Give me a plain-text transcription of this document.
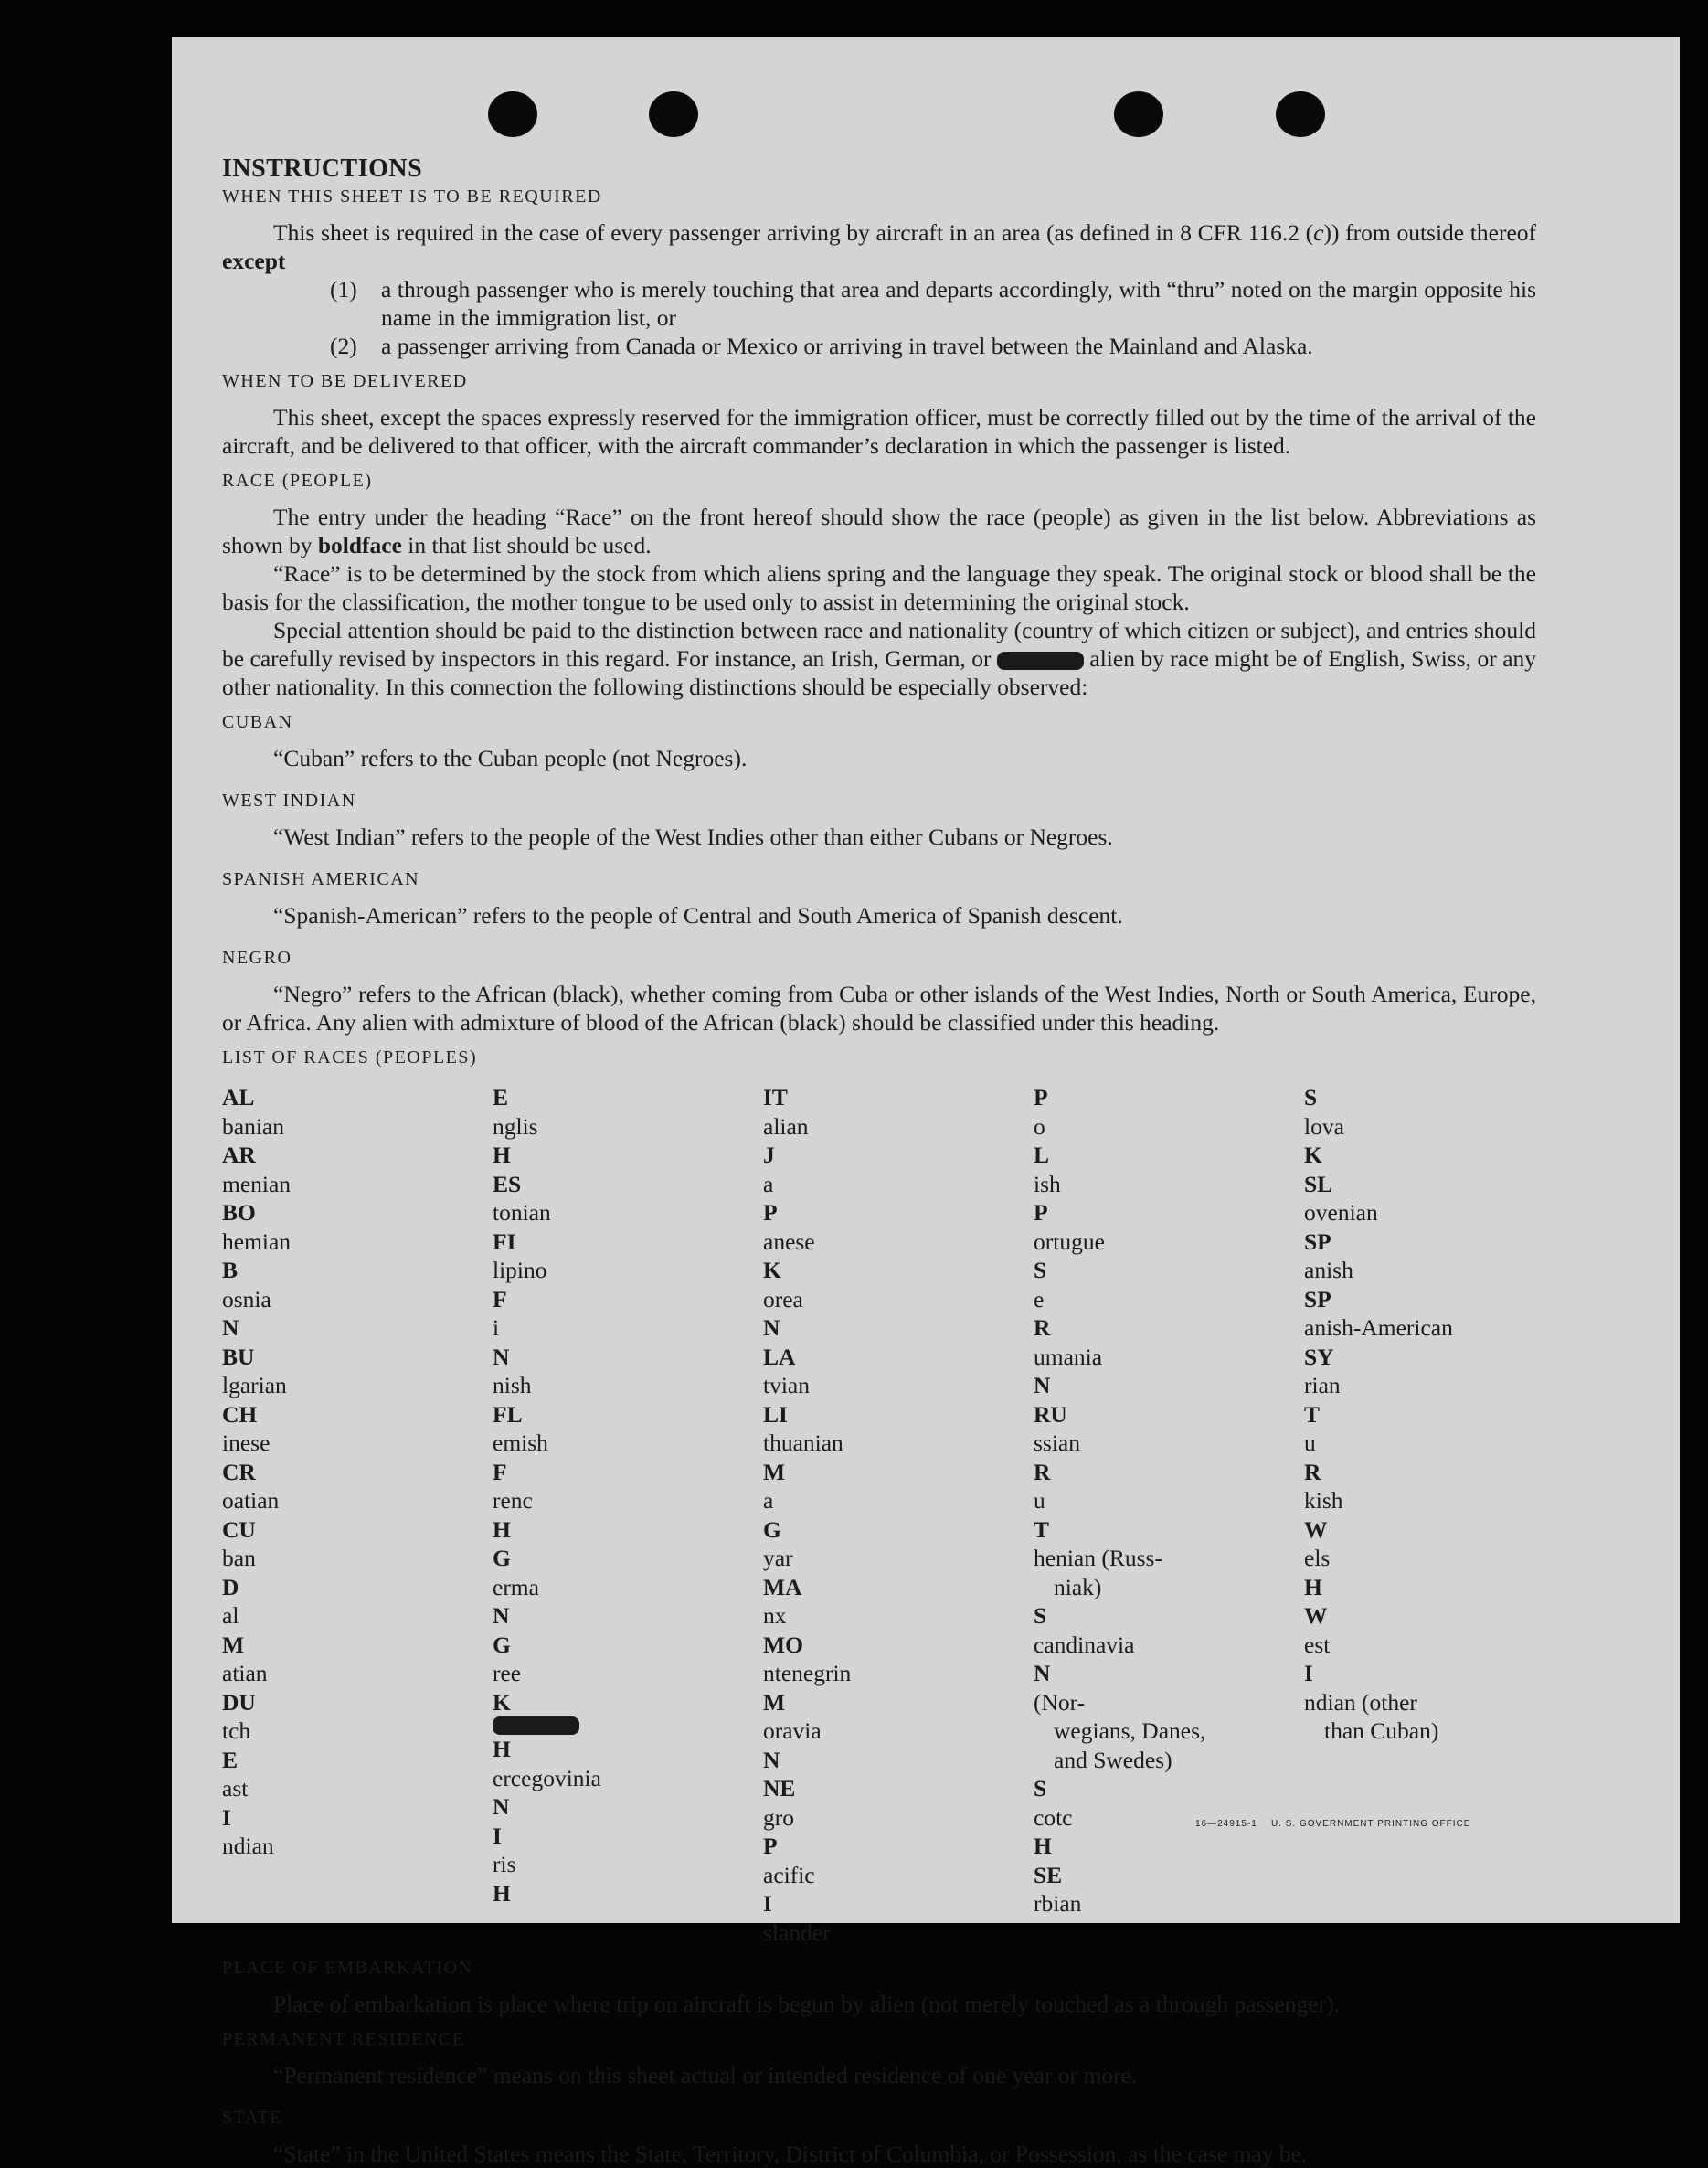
INSTRUCTIONS

WHEN THIS SHEET IS TO BE REQUIRED

This sheet is required in the case of every passenger arriving by aircraft in an area (as defined in 8 CFR 116.2 (c)) from outside thereof except

(1)	a through passenger who is merely touching that area and departs accordingly, with “thru” noted on the margin opposite his name in the immigration list, or
(2)	a passenger arriving from Canada or Mexico or arriving in travel between the Mainland and Alaska.

WHEN TO BE DELIVERED

This sheet, except the spaces expressly reserved for the immigration officer, must be correctly filled out by the time of the arrival of the aircraft, and be delivered to that officer, with the aircraft commander’s declaration in which the passenger is listed.

RACE (PEOPLE)

The entry under the heading “Race” on the front hereof should show the race (people) as given in the list below. Abbreviations as shown by boldface in that list should be used.

“Race” is to be determined by the stock from which aliens spring and the language they speak. The original stock or blood shall be the basis for the classification, the mother tongue to be used only to assist in determining the original stock.

Special attention should be paid to the distinction between race and nationality (country of which citizen or subject), and entries should be carefully revised by inspectors in this regard. For instance, an Irish, German, or	alien by race might be of English, Swiss, or any other nationality. In this connection the following distinctions should be especially observed:

CUBAN

“Cuban” refers to the Cuban people (not Negroes).

WEST INDIAN

“West Indian” refers to the people of the West Indies other than either Cubans or Negroes.

SPANISH AMERICAN

“Spanish-American” refers to the people of Central and South America of Spanish descent.

NEGRO

“Negro” refers to the African (black), whether coming from Cuba or other islands of the West Indies, North or South America, Europe, or Africa. Any alien with admixture of blood of the African (black) should be classified under this heading.

LIST OF RACES (PEOPLES)

AL
banian
AR
menian
BO
hemian
B
osnia
N
BU
lgarian
CH
inese
CR
oatian
CU
ban
D
al
M
atian
DU
tch
E
ast
I
ndian
E
nglis
H
ES
tonian
FI
lipino
F
i
N
nish
FL
emish
F
renc
H
G
erma
N
G
ree
K
H
ercegovinia
N
I
ris
H
IT
alian
J
a
P
anese
K
orea
N
LA
tvian
LI
thuanian
M
a
G
yar
MA
nx
MO
ntenegrin
M
oravia
N
NE
gro
P
acific
I
slander
P
o
L
ish
P
ortugue
S
e
R
umania
N
RU
ssian
R
u
T
henian (Russ-
niak)
S
candinavia
N
(Nor-
wegians, Danes,
and Swedes)
S
cotc
H
SE
rbian
S
lova
K
SL
ovenian
SP
anish
SP
anish-American
SY
rian
T
u
R
kish
W
els
H
W
est
I
ndian (other
than Cuban)

PLACE OF EMBARKATION

Place of embarkation is place where trip on aircraft is begun by alien (not merely touched as a through passenger).

PERMANENT RESIDENCE

“Permanent residence” means on this sheet actual or intended residence of one year or more.

STATE

“State” in the United States means the State, Territory, District of Columbia, or Possession, as the case may be.

16—24915-1 U. S. GOVERNMENT PRINTING OFFICE
